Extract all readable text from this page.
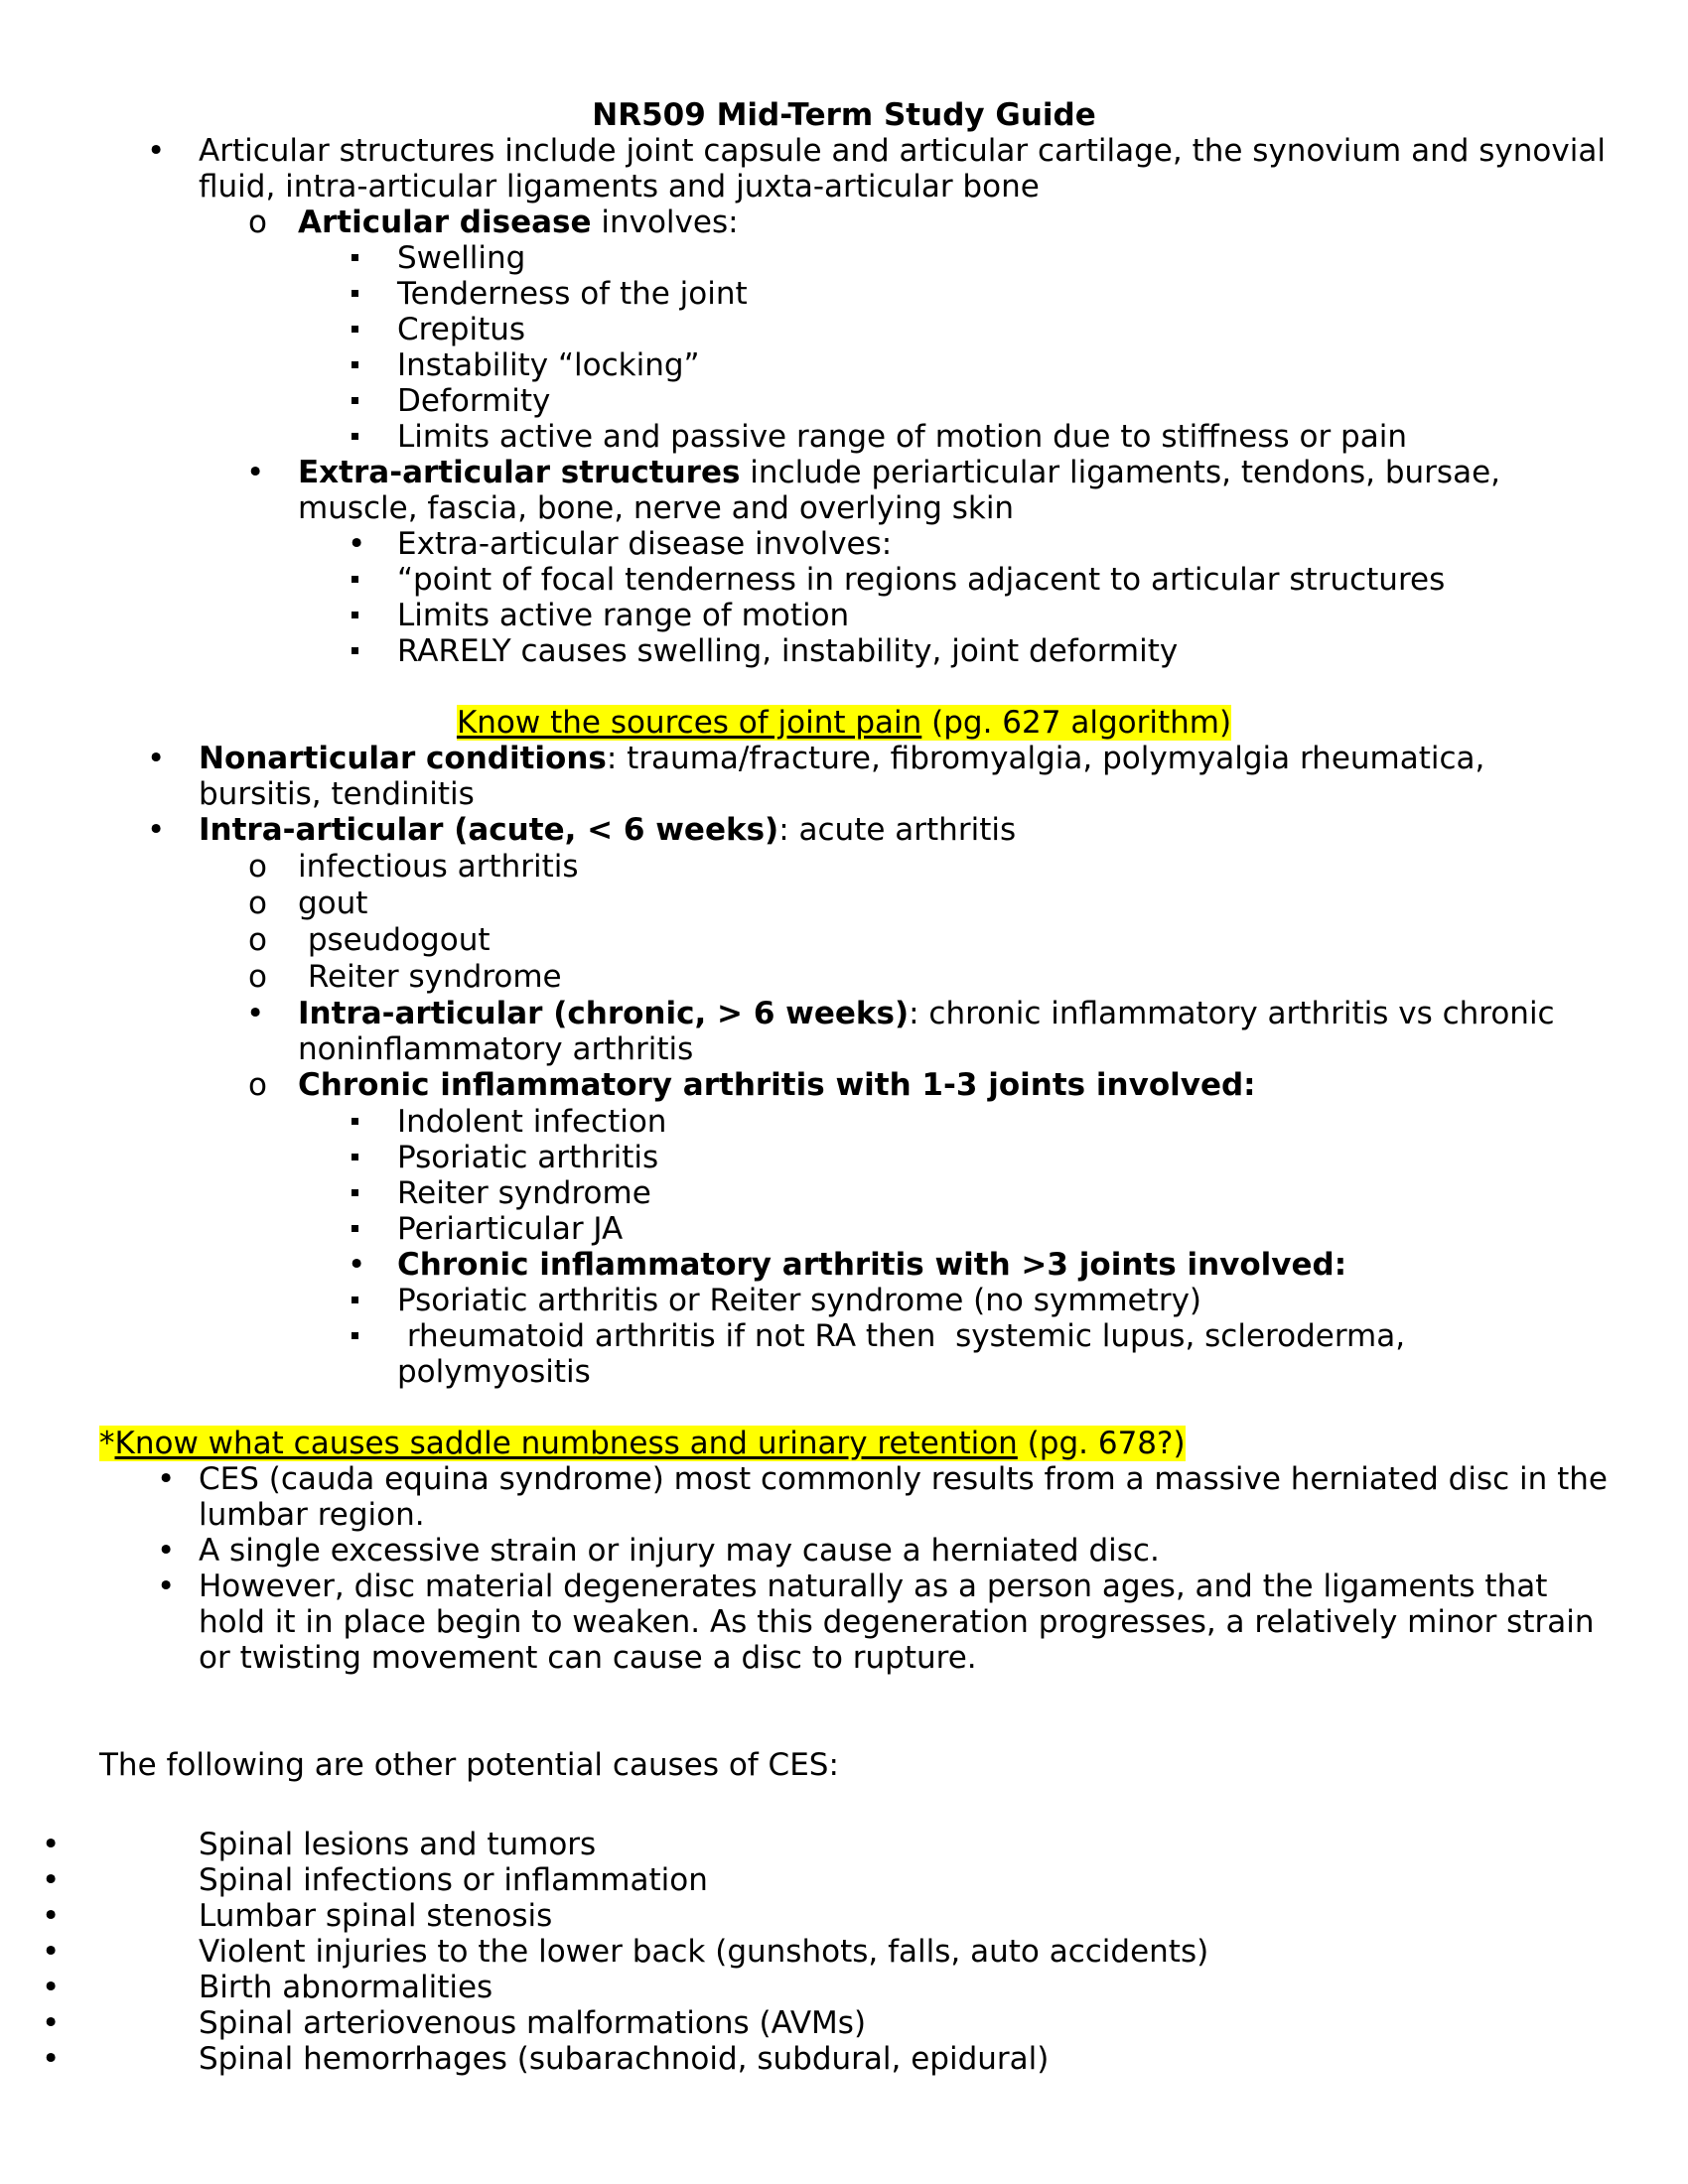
NR509 Mid-Term Study Guide
• Articular structures include joint capsule and articular cartilage, the synovium and synovial
fluid, intra-articular ligaments and juxta-articular bone
o Articular disease involves:
Swelling
Tenderness of the joint
Crepitus
Instability “locking”
Deformity
Limits active and passive range of motion due to stiffness or pain
• Extra-articular structures include periarticular ligaments, tendons, bursae,
muscle, fascia, bone, nerve and overlying skin
• Extra-articular disease involves:
“point of focal tenderness in regions adjacent to articular structures
Limits active range of motion
RARELY causes swelling, instability, joint deformity
Know the sources of joint pain (pg. 627 algorithm)
• Nonarticular conditions: trauma/fracture, fibromyalgia, polymyalgia rheumatica,
bursitis, tendinitis
• Intra-articular (acute, < 6 weeks): acute arthritis
o infectious arthritis
o gout
o pseudogout
o Reiter syndrome
• Intra-articular (chronic, > 6 weeks): chronic inflammatory arthritis vs chronic
noninflammatory arthritis
o Chronic inflammatory arthritis with 1-3 joints involved:
Indolent infection
Psoriatic arthritis
Reiter syndrome
Periarticular JA
• Chronic inflammatory arthritis with >3 joints involved:
Psoriatic arthritis or Reiter syndrome (no symmetry)
rheumatoid arthritis if not RA then  systemic lupus, scleroderma,
polymyositis
*Know what causes saddle numbness and urinary retention (pg. 678?)
• CES (cauda equina syndrome) most commonly results from a massive herniated disc in the
lumbar region.
• A single excessive strain or injury may cause a herniated disc.
• However, disc material degenerates naturally as a person ages, and the ligaments that
hold it in place begin to weaken. As this degeneration progresses, a relatively minor strain
or twisting movement can cause a disc to rupture.
The following are other potential causes of CES:
•	Spinal lesions and tumors
•	Spinal infections or inflammation
•	Lumbar spinal stenosis
•	Violent injuries to the lower back (gunshots, falls, auto accidents)
•	Birth abnormalities
•	Spinal arteriovenous malformations (AVMs)
•	Spinal hemorrhages (subarachnoid, subdural, epidural)
